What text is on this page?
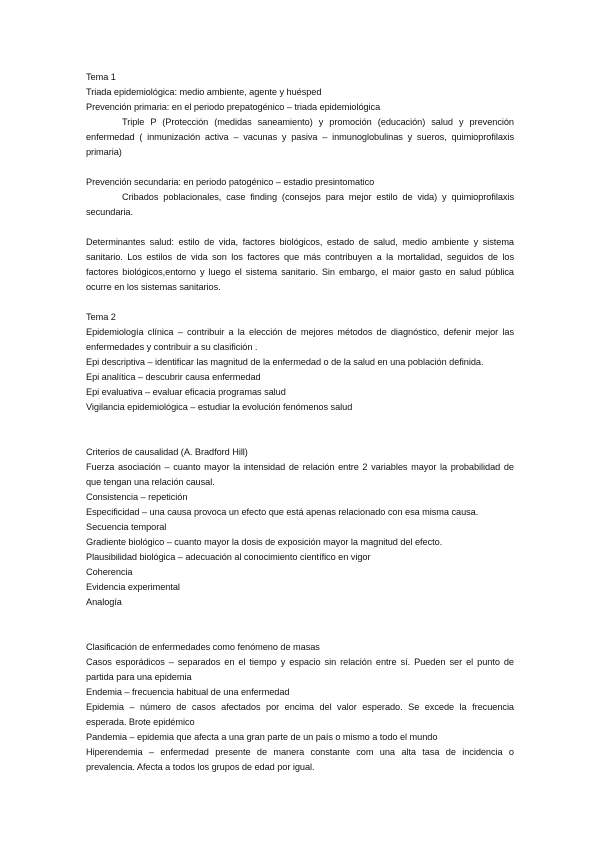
Tema 1

Triada epidemiológica: medio ambiente, agente y huésped

Prevención primaria: en el periodo prepatogénico – triada epidemiológica

Triple P (Protección (medidas saneamiento) y promoción (educación) salud y prevención enfermedad ( inmunización activa – vacunas y pasiva – inmunoglobulinas y sueros, quimioprofilaxis primaria)

Prevención secundaria: en periodo patogénico – estadio presintomatico

Cribados poblacionales, case finding (consejos para mejor estilo de vida) y quimioprofilaxis secundaria.

Determinantes salud: estilo de vida, factores biológicos, estado de salud, medio ambiente y sistema sanitario. Los estilos de vida son los factores que más contribuyen a la mortalidad, seguidos de los factores biológicos,entorno y luego el sistema sanitario. Sin embargo, el maior gasto en salud pública ocurre en los sistemas sanitarios.

Tema 2

Epidemiología clínica – contribuir a la elección de mejores métodos de diagnóstico, defenir mejor las enfermedades y contribuir a su clasifición .

Epi descriptiva – identificar las magnitud de la enfermedad o de la salud en una población definida.

Epi analítica – descubrir causa enfermedad

Epi evaluativa – evaluar eficacia programas salud

Vigilancia epidemiológica – estudiar la evolución fenómenos salud

Criterios de causalidad (A. Bradford Hill)

Fuerza asociación – cuanto mayor la intensidad de relación entre 2 variables mayor la probabilidad de que tengan una relación causal.

Consistencia – repetición

Especificidad – una causa provoca un efecto que está apenas relacionado con esa misma causa.

Secuencia temporal

Gradiente biológico – cuanto mayor la dosis de exposición mayor la magnitud del efecto.

Plausibilidad biológica – adecuación al conocimiento científico en vigor

Coherencia

Evidencia experimental

Analogía

Clasificación de enfermedades como fenómeno de masas

Casos esporádicos – separados en el tiempo y espacio sin relación entre sí. Pueden ser el punto de partida para una epidemia

Endemia – frecuencia habitual de una enfermedad

Epidemia – número de casos afectados por encima del valor esperado. Se excede la frecuencia esperada. Brote epidémico

Pandemia – epidemia que afecta a una gran parte de un país o mismo a todo el mundo

Hiperendemia – enfermedad presente de manera constante com una alta tasa de incidencia o prevalencia. Afecta a todos los grupos de edad por igual.
